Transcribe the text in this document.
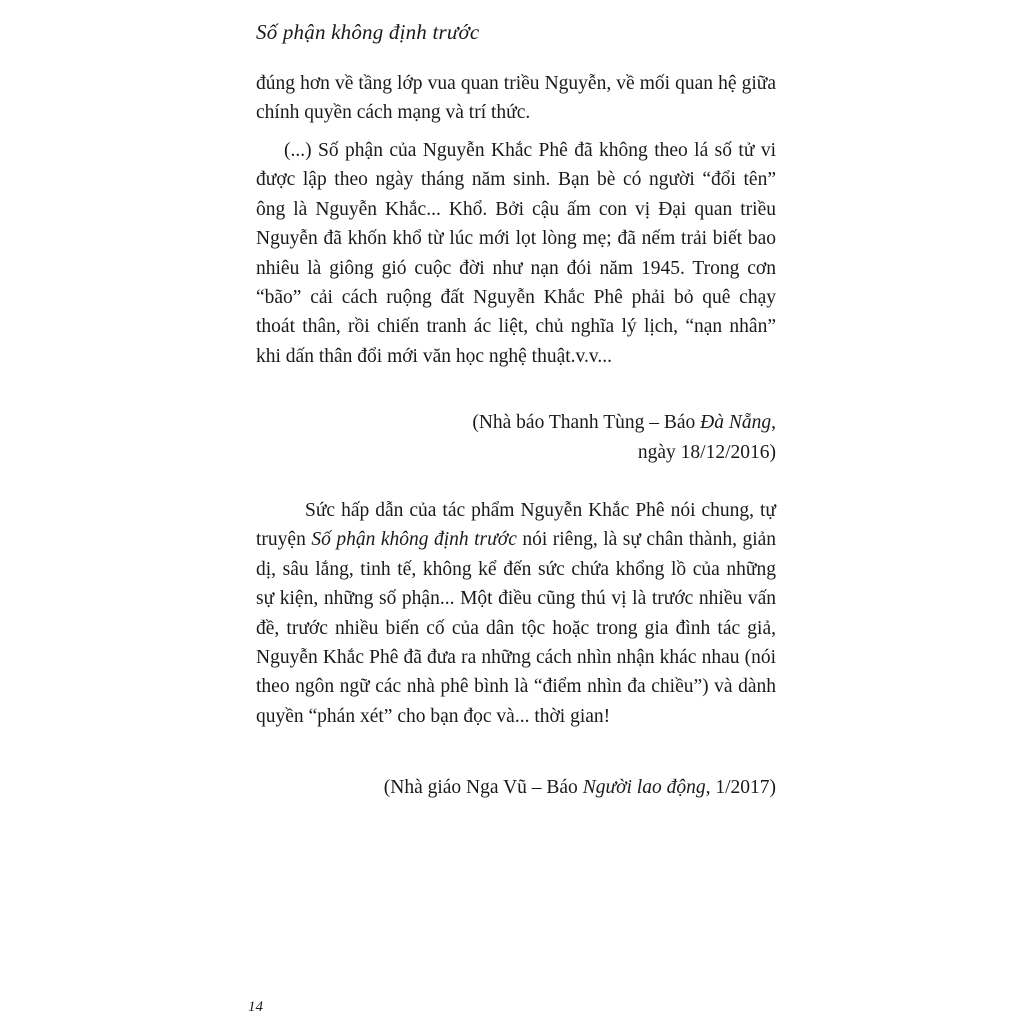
Số phận không định trước

đúng hơn về tầng lớp vua quan triều Nguyễn, về mối quan hệ giữa chính quyền cách mạng và trí thức.

(...) Số phận của Nguyễn Khắc Phê đã không theo lá số tử vi được lập theo ngày tháng năm sinh. Bạn bè có người “đổi tên” ông là Nguyễn Khắc... Khổ. Bởi cậu ấm con vị Đại quan triều Nguyễn đã khốn khổ từ lúc mới lọt lòng mẹ; đã nếm trải biết bao nhiêu là giông gió cuộc đời như nạn đói năm 1945. Trong cơn “bão” cải cách ruộng đất Nguyễn Khắc Phê phải bỏ quê chạy thoát thân, rồi chiến tranh ác liệt, chủ nghĩa lý lịch, “nạn nhân” khi dấn thân đổi mới văn học nghệ thuật.v.v...

(Nhà báo Thanh Tùng – Báo Đà Nẵng,
ngày 18/12/2016)

Sức hấp dẫn của tác phẩm Nguyễn Khắc Phê nói chung, tự truyện Số phận không định trước nói riêng, là sự chân thành, giản dị, sâu lắng, tinh tế, không kể đến sức chứa khổng lồ của những sự kiện, những số phận... Một điều cũng thú vị là trước nhiều vấn đề, trước nhiều biến cố của dân tộc hoặc trong gia đình tác giả, Nguyễn Khắc Phê đã đưa ra những cách nhìn nhận khác nhau (nói theo ngôn ngữ các nhà phê bình là “điểm nhìn đa chiều”) và dành quyền “phán xét” cho bạn đọc và... thời gian!

(Nhà giáo Nga Vũ – Báo Người lao động, 1/2017)
14
